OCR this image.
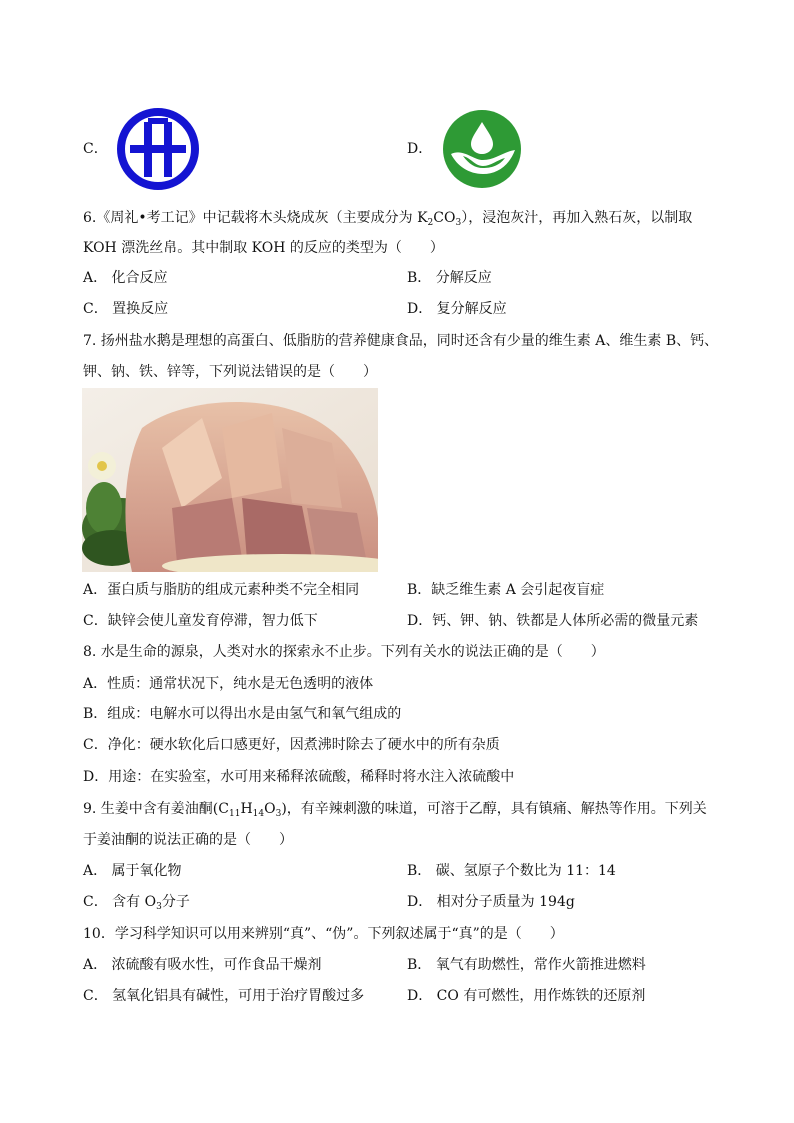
C．	D．
6.《周礼•考工记》中记载将木头烧成灰（主要成分为 $K_2CO_3$），浸泡灰汁，再加入熟石灰，以制取
KOH 漂洗丝帛。其中制取 KOH 的反应的类型为（　　）
A． 化合反应	B． 分解反应
C． 置换反应	D． 复分解反应
7. 扬州盐水鹅是理想的高蛋白、低脂肪的营养健康食品，同时还含有少量的维生素 A、维生素 B、钙、
钾、钠、铁、锌等，下列说法错误的是（　　）
A．蛋白质与脂肪的组成元素种类不完全相同	B．缺乏维生素 A 会引起夜盲症
C．缺锌会使儿童发育停滞，智力低下	D．钙、钾、钠、铁都是人体所必需的微量元素
8. 水是生命的源泉，人类对水的探索永不止步。下列有关水的说法正确的是（　　）
A．性质：通常状况下，纯水是无色透明的液体
B．组成：电解水可以得出水是由氢气和氧气组成的
C．净化：硬水软化后口感更好，因煮沸时除去了硬水中的所有杂质
D．用途：在实验室，水可用来稀释浓硫酸，稀释时将水注入浓硫酸中
9. 生姜中含有姜油酮$(C_{11}H_{14}O_3)$，有辛辣刺激的味道，可溶于乙醇，具有镇痛、解热等作用。下列关
于姜油酮的说法正确的是（　　）
A． 属于氧化物	B． 碳、氢原子个数比为 11：14
C． 含有 $O_3$分子	D． 相对分子质量为 194g
10．学习科学知识可以用来辨别“真”、“伪”。下列叙述属于“真”的是（　　）
A． 浓硫酸有吸水性，可作食品干燥剂	B． 氧气有助燃性，常作火箭推进燃料
C． 氢氧化铝具有碱性，可用于治疗胃酸过多	D． CO 有可燃性，用作炼铁的还原剂
